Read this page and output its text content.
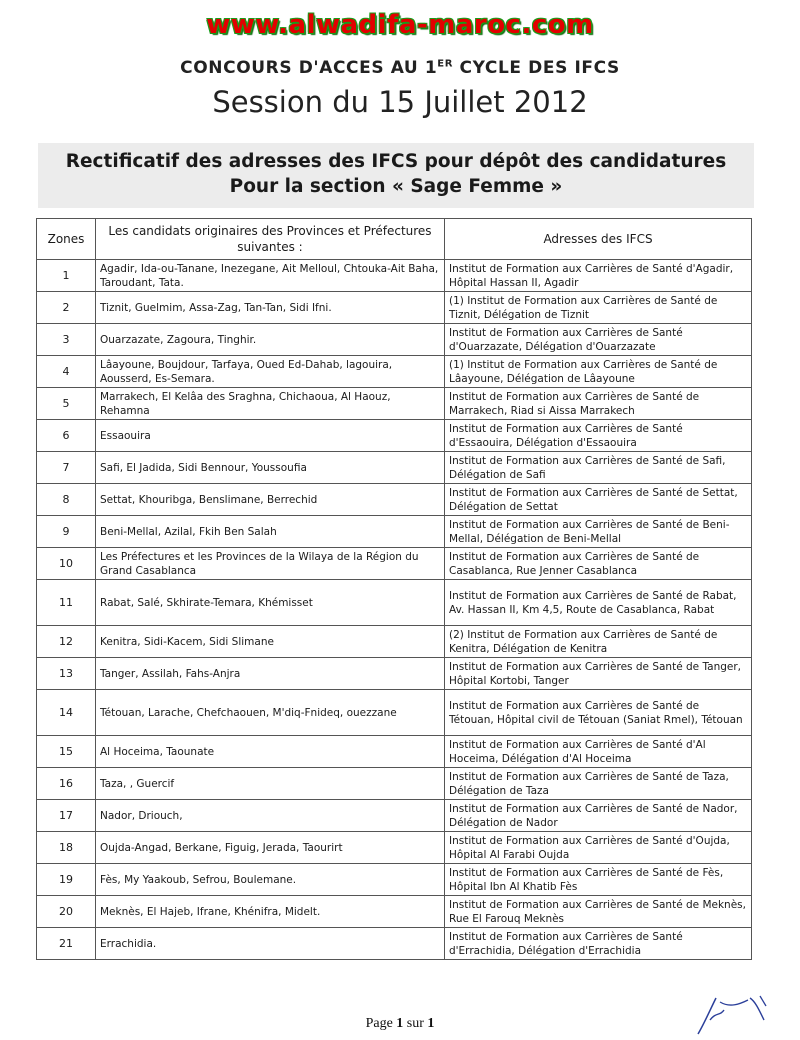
www.alwadifa-maroc.com
CONCOURS D'ACCES AU 1ER CYCLE DES IFCS
Session du 15 Juillet 2012
Rectificatif des adresses des IFCS pour dépôt des candidatures
Pour la section « Sage Femme »
Zones	Les candidats originaires des Provinces et Préfectures suivantes :	Adresses des IFCS
1	Agadir, Ida-ou-Tanane, Inezegane, Ait Melloul, Chtouka-Ait Baha, Taroudant, Tata.	Institut de Formation aux Carrières de Santé d'Agadir, Hôpital Hassan II, Agadir
2	Tiznit, Guelmim, Assa-Zag, Tan-Tan, Sidi Ifni.	(1) Institut de Formation aux Carrières de Santé de Tiznit, Délégation de Tiznit
3	Ouarzazate, Zagoura, Tinghir.	Institut de Formation aux Carrières de Santé d'Ouarzazate, Délégation d'Ouarzazate
4	Lâayoune, Boujdour, Tarfaya, Oued Ed-Dahab, lagouira, Aousserd, Es-Semara.	(1) Institut de Formation aux Carrières de Santé de Lâayoune, Délégation de Lâayoune
5	Marrakech, El Kelâa des Sraghna, Chichaoua, Al Haouz, Rehamna	Institut de Formation aux Carrières de Santé de Marrakech, Riad si Aissa Marrakech
6	Essaouira	Institut de Formation aux Carrières de Santé d'Essaouira, Délégation d'Essaouira
7	Safi, El Jadida, Sidi Bennour, Youssoufia	Institut de Formation aux Carrières de Santé de Safi, Délégation de Safi
8	Settat, Khouribga, Benslimane, Berrechid	Institut de Formation aux Carrières de Santé de Settat, Délégation de Settat
9	Beni-Mellal, Azilal, Fkih Ben Salah	Institut de Formation aux Carrières de Santé de Beni-Mellal, Délégation de Beni-Mellal
10	Les Préfectures et les Provinces de la Wilaya de la Région du Grand Casablanca	Institut de Formation aux Carrières de Santé de Casablanca, Rue Jenner Casablanca
11	Rabat, Salé, Skhirate-Temara, Khémisset	Institut de Formation aux Carrières de Santé de Rabat, Av. Hassan II, Km 4,5, Route de Casablanca, Rabat
12	Kenitra, Sidi-Kacem, Sidi Slimane	(2) Institut de Formation aux Carrières de Santé de Kenitra, Délégation de Kenitra
13	Tanger, Assilah, Fahs-Anjra	Institut de Formation aux Carrières de Santé de Tanger, Hôpital Kortobi, Tanger
14	Tétouan, Larache, Chefchaouen, M'diq-Fnideq, ouezzane	Institut de Formation aux Carrières de Santé de Tétouan, Hôpital civil de Tétouan (Saniat Rmel), Tétouan
15	Al Hoceima, Taounate	Institut de Formation aux Carrières de Santé d'Al Hoceima, Délégation d'Al Hoceima
16	Taza, , Guercif	Institut de Formation aux Carrières de Santé de Taza, Délégation de Taza
17	Nador, Driouch,	Institut de Formation aux Carrières de Santé de Nador, Délégation de Nador
18	Oujda-Angad, Berkane, Figuig, Jerada, Taourirt	Institut de Formation aux Carrières de Santé d'Oujda, Hôpital Al Farabi Oujda
19	Fès, My Yaakoub, Sefrou, Boulemane.	Institut de Formation aux Carrières de Santé de Fès, Hôpital Ibn Al Khatib Fès
20	Meknès, El Hajeb, Ifrane, Khénifra, Midelt.	Institut de Formation aux Carrières de Santé de Meknès, Rue El Farouq Meknès
21	Errachidia.	Institut de Formation aux Carrières de Santé d'Errachidia, Délégation d'Errachidia
Page 1 sur 1
